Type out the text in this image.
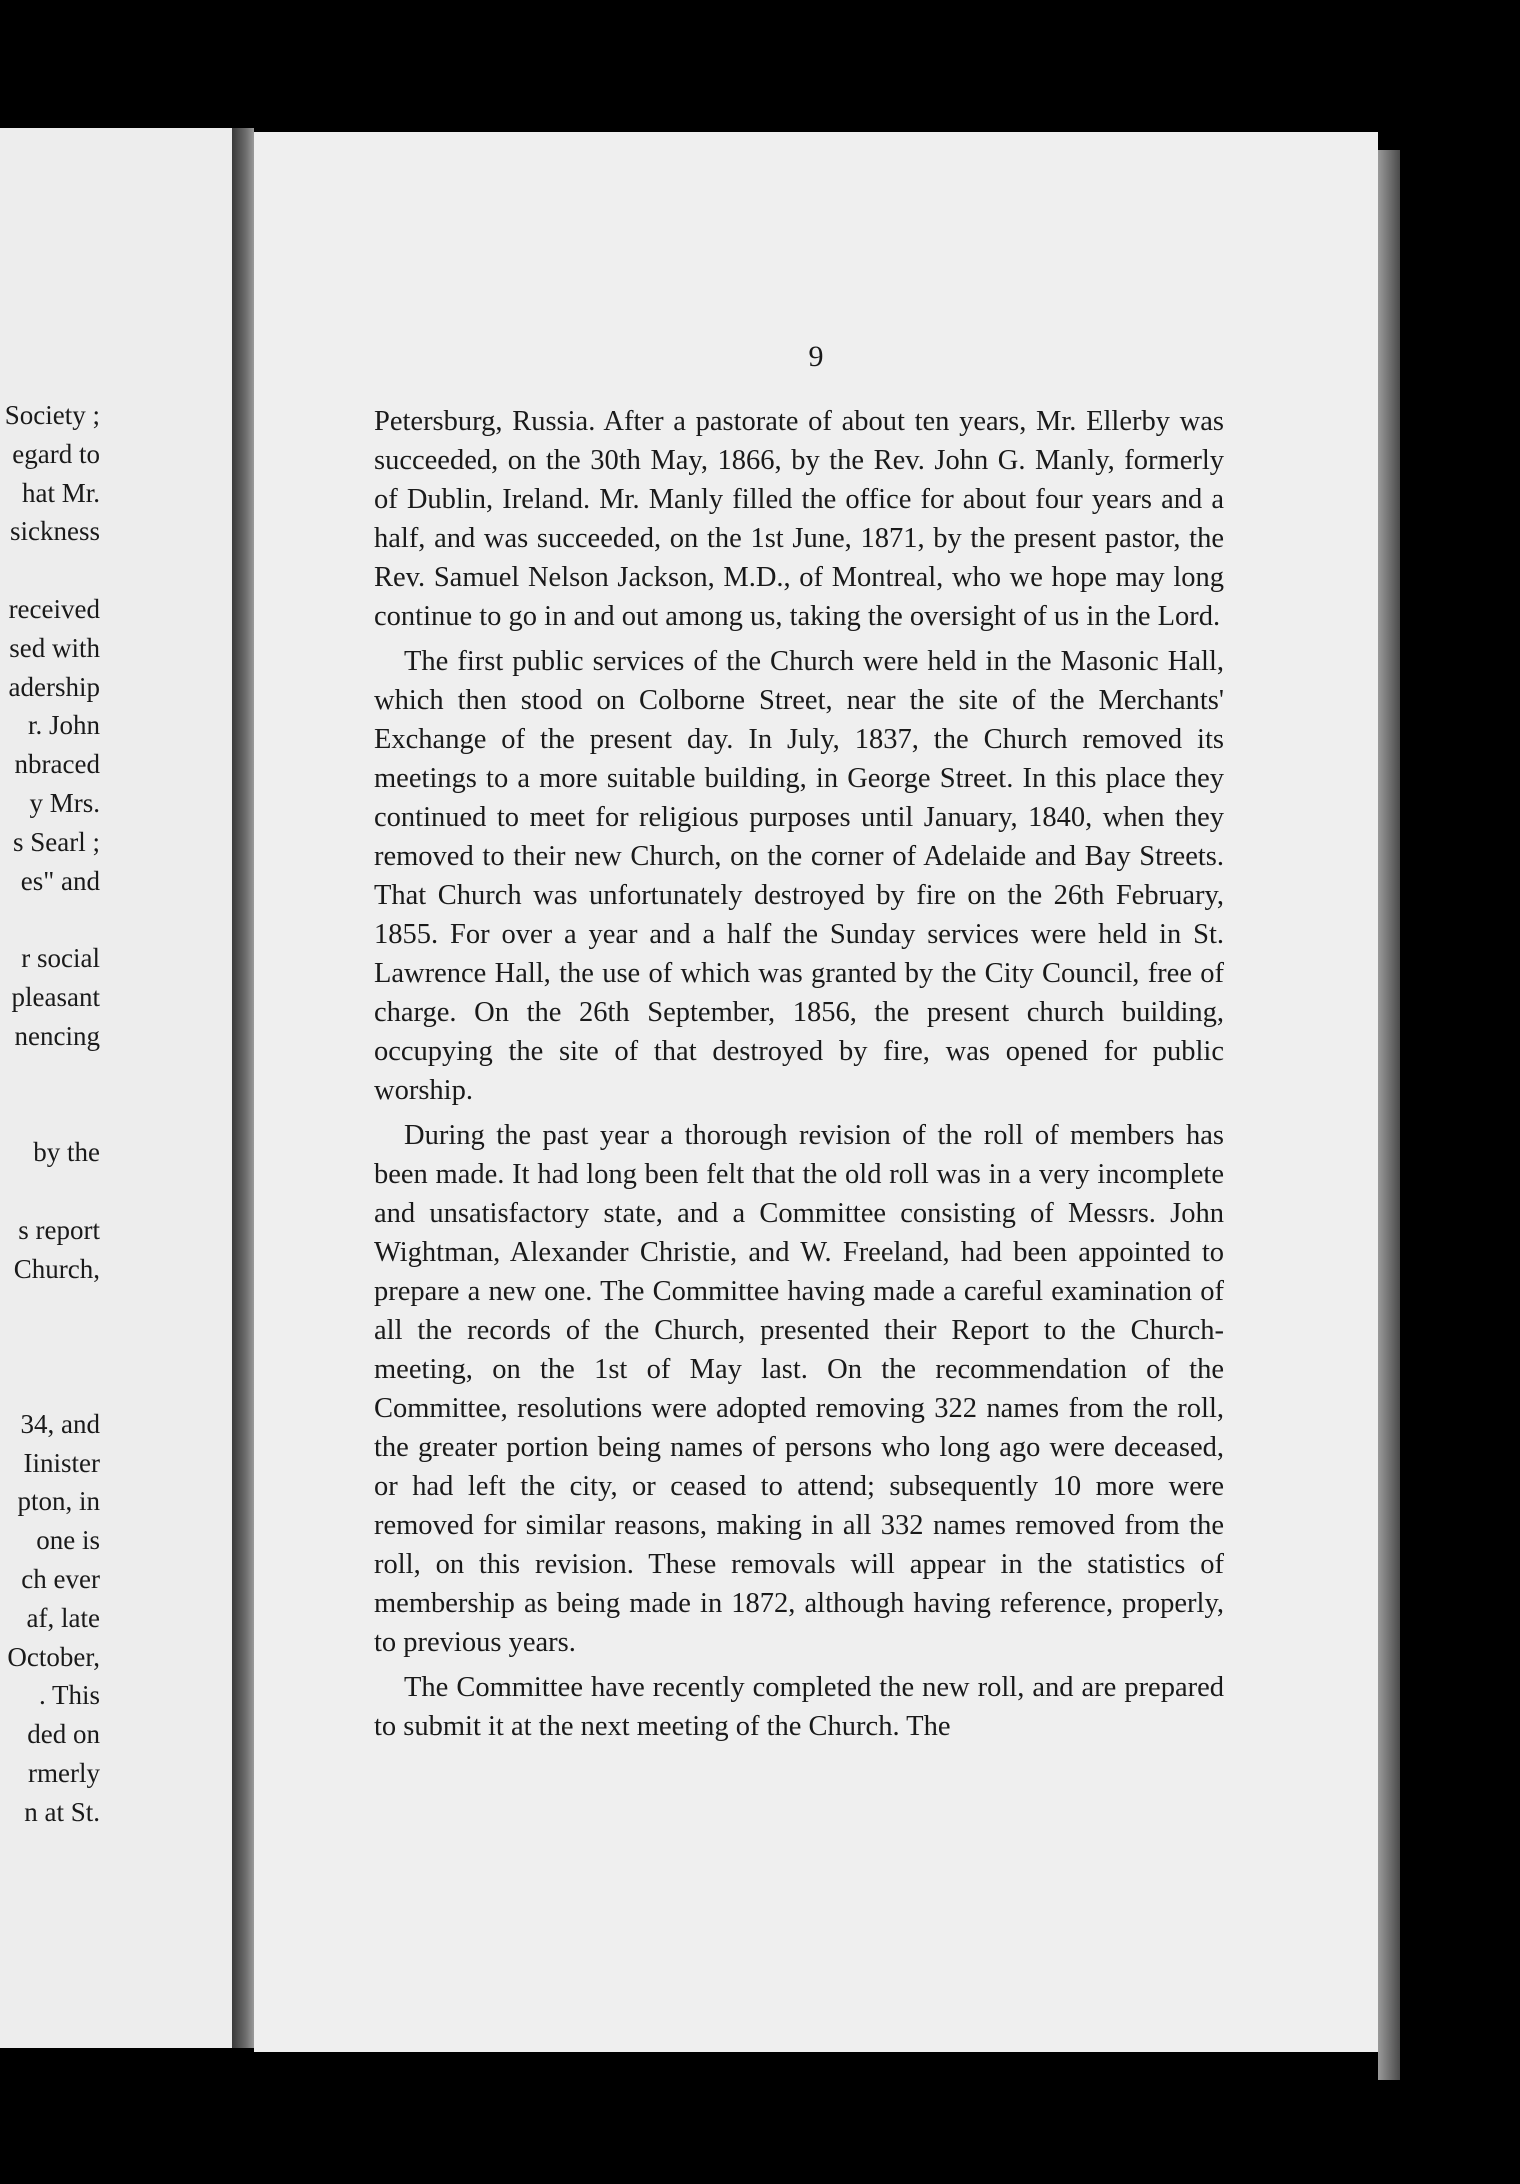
Society ;
egard to
hat Mr.
sickness
received
sed with
adership
r. John
nbraced
y Mrs.
s Searl ;
es" and
r social
pleasant
nencing
by the
s report
Church,
34, and
Iinister
pton, in
one is
ch ever
af, late
October,
. This
ded on
rmerly
n at St.
9

Petersburg, Russia. After a pastorate of about ten years, Mr. Ellerby was succeeded, on the 30th May, 1866, by the Rev. John G. Manly, formerly of Dublin, Ireland. Mr. Manly filled the office for about four years and a half, and was succeeded, on the 1st June, 1871, by the present pastor, the Rev. Samuel Nelson Jackson, M.D., of Montreal, who we hope may long continue to go in and out among us, taking the oversight of us in the Lord.

The first public services of the Church were held in the Masonic Hall, which then stood on Colborne Street, near the site of the Merchants' Exchange of the present day. In July, 1837, the Church removed its meetings to a more suitable building, in George Street. In this place they continued to meet for religious purposes until January, 1840, when they removed to their new Church, on the corner of Adelaide and Bay Streets. That Church was unfortunately destroyed by fire on the 26th February, 1855. For over a year and a half the Sunday services were held in St. Lawrence Hall, the use of which was granted by the City Council, free of charge. On the 26th September, 1856, the present church building, occupying the site of that destroyed by fire, was opened for public worship.

During the past year a thorough revision of the roll of members has been made. It had long been felt that the old roll was in a very incomplete and unsatisfactory state, and a Committee consisting of Messrs. John Wightman, Alexander Christie, and W. Freeland, had been appointed to prepare a new one. The Committee having made a careful examination of all the records of the Church, presented their Report to the Church-meeting, on the 1st of May last. On the recommendation of the Committee, resolutions were adopted removing 322 names from the roll, the greater portion being names of persons who long ago were deceased, or had left the city, or ceased to attend; subsequently 10 more were removed for similar reasons, making in all 332 names removed from the roll, on this revision. These removals will appear in the statistics of membership as being made in 1872, although having reference, properly, to previous years.

The Committee have recently completed the new roll, and are prepared to submit it at the next meeting of the Church. The
